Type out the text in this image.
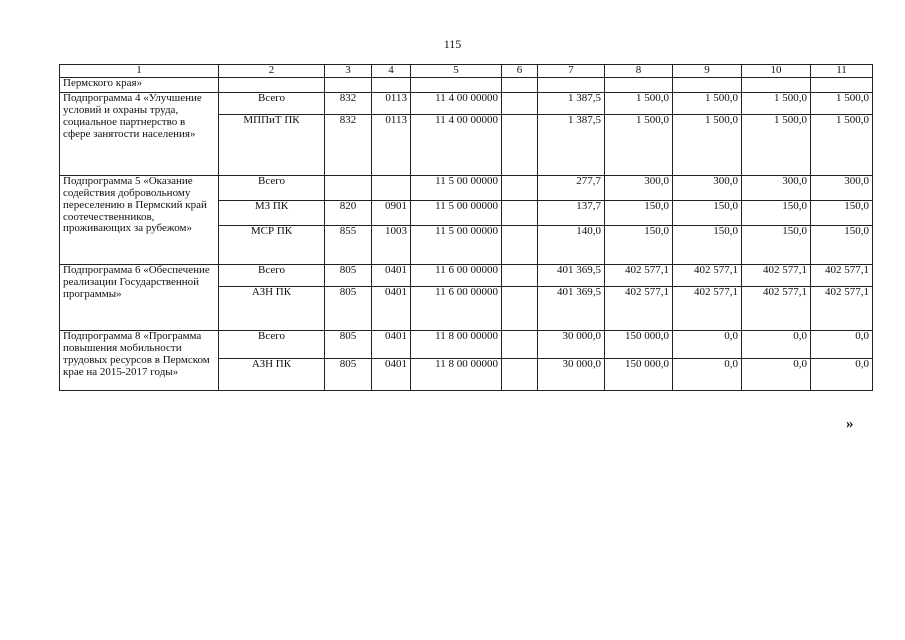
115
1	2	3	4	5	6	7	8	9	10	11
Пермского края»										
Подпрограмма 4 «Улучшение условий и охраны труда, социальное партнерство в сфере занятости населения»	Всего	832	0113	11 4 00 00000		1 387,5	1 500,0	1 500,0	1 500,0	1 500,0
	МППиТ ПК	832	0113	11 4 00 00000		1 387,5	1 500,0	1 500,0	1 500,0	1 500,0
Подпрограмма 5 «Оказание содействия добровольному переселению в Пермский край соотечественников, проживающих за рубежом»	Всего			11 5 00 00000		277,7	300,0	300,0	300,0	300,0
	МЗ ПК	820	0901	11 5 00 00000		137,7	150,0	150,0	150,0	150,0
	МСР ПК	855	1003	11 5 00 00000		140,0	150,0	150,0	150,0	150,0
Подпрограмма 6 «Обеспечение реализации Государственной программы»	Всего	805	0401	11 6 00 00000		401 369,5	402 577,1	402 577,1	402 577,1	402 577,1
	АЗН ПК	805	0401	11 6 00 00000		401 369,5	402 577,1	402 577,1	402 577,1	402 577,1
Подпрограмма 8 «Программа повышения мобильности трудовых ресурсов в Пермском крае на 2015-2017 годы»	Всего	805	0401	11 8 00 00000		30 000,0	150 000,0	0,0	0,0	0,0
	АЗН ПК	805	0401	11 8 00 00000		30 000,0	150 000,0	0,0	0,0	0,0
»
